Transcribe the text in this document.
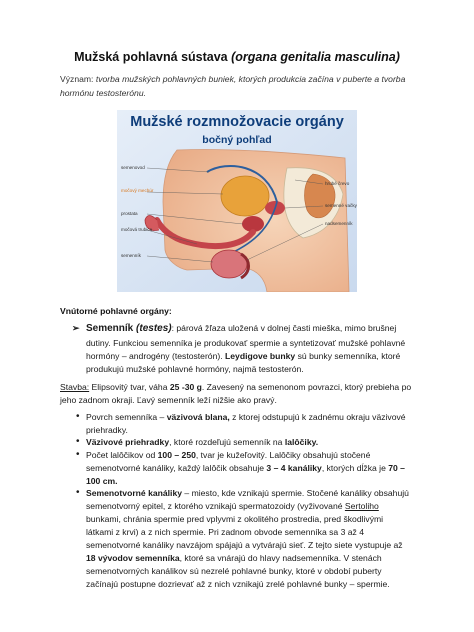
Mužská pohlavná sústava (organa genitalia masculina)
Význam: tvorba mužských pohlavných buniek, ktorých produkcia začína v puberte a tvorba hormónu testosterónu.
Mužské rozmnožovacie orgány
bočný pohľad
semenovod
močový mechúr
prostata
močová trubica
semenník
hrubé črevo
semenné vačky
nadsemenník
Vnútorné pohlavné orgány:
➢ Semenník (testes): párová žľaza uložená v dolnej časti mieška, mimo brušnej
dutiny. Funkciou semenníka je produkovať spermie a syntetizovať mužské pohlavné
hormóny – androgény (testosterón). Leydigove bunky sú bunky semenníka, ktoré
produkujú mužské pohlavné hormóny, najmä testosterón.
Stavba: Elipsovitý tvar, váha 25 -30 g. Zavesený na semenonom povrazci, ktorý prebieha po
jeho zadnom okraji. Ľavý semenník leží nižšie ako pravý.
• Povrch semenníka – väzivová blana, z ktorej odstupujú k zadnému okraju väzivové
priehradky.
• Väzivové priehradky, ktoré rozdeľujú semenník na lalôčiky.
• Počet lalôčikov od 100 – 250, tvar je kužeľovitý. Lalôčiky obsahujú stočené
semenotvorné kanáliky, každý lalôčik obsahuje 3 – 4 kanáliky, ktorých dĺžka je 70 –
100 cm.
• Semenotvorné kanáliky – miesto, kde vznikajú spermie. Stočené kanáliky obsahujú
semenotvorný epitel, z ktorého vznikajú spermatozoidy (vyživované Sertoliho
bunkami, chránia spermie pred vplyvmi z okolitého prostredia, pred škodlivými
látkami z krvi) a z nich spermie. Pri zadnom obvode semenníka sa 3 až 4
semenotvorné kanáliky navzájom spájajú a vytvárajú sieť. Z tejto siete vystupuje až
18 vývodov semenníka, ktoré sa vnárajú do hlavy nadsemenníka. V stenách
semenotvorných kanálikov sú nezrelé pohlavné bunky, ktoré v období puberty
začínajú postupne dozrievať až z nich vznikajú zrelé pohlavné bunky – spermie.
